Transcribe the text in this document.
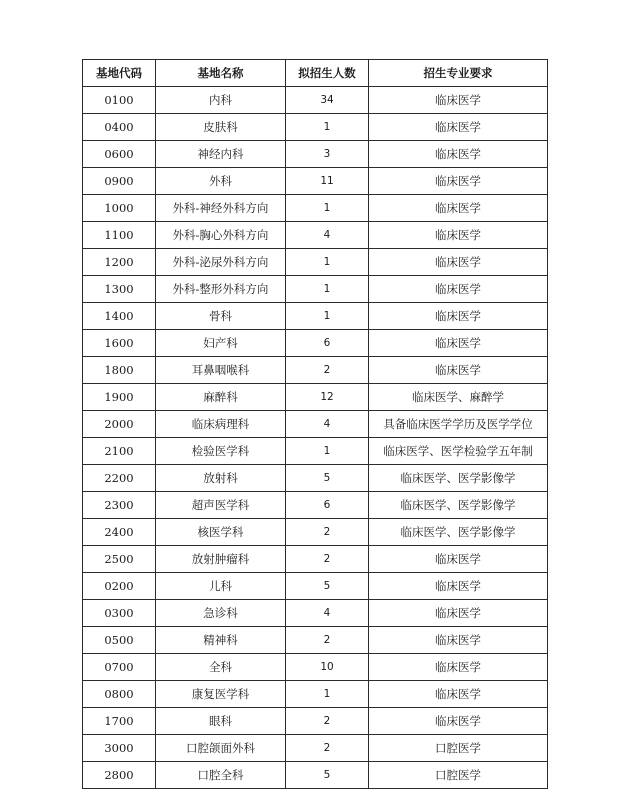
基地代码	基地名称	拟招生人数	招生专业要求
0100	内科	34	临床医学
0400	皮肤科	1	临床医学
0600	神经内科	3	临床医学
0900	外科	11	临床医学
1000	外科-神经外科方向	1	临床医学
1100	外科-胸心外科方向	4	临床医学
1200	外科-泌尿外科方向	1	临床医学
1300	外科-整形外科方向	1	临床医学
1400	骨科	1	临床医学
1600	妇产科	6	临床医学
1800	耳鼻咽喉科	2	临床医学
1900	麻醉科	12	临床医学、麻醉学
2000	临床病理科	4	具备临床医学学历及医学学位
2100	检验医学科	1	临床医学、医学检验学五年制
2200	放射科	5	临床医学、医学影像学
2300	超声医学科	6	临床医学、医学影像学
2400	核医学科	2	临床医学、医学影像学
2500	放射肿瘤科	2	临床医学
0200	儿科	5	临床医学
0300	急诊科	4	临床医学
0500	精神科	2	临床医学
0700	全科	10	临床医学
0800	康复医学科	1	临床医学
1700	眼科	2	临床医学
3000	口腔颌面外科	2	口腔医学
2800	口腔全科	5	口腔医学
